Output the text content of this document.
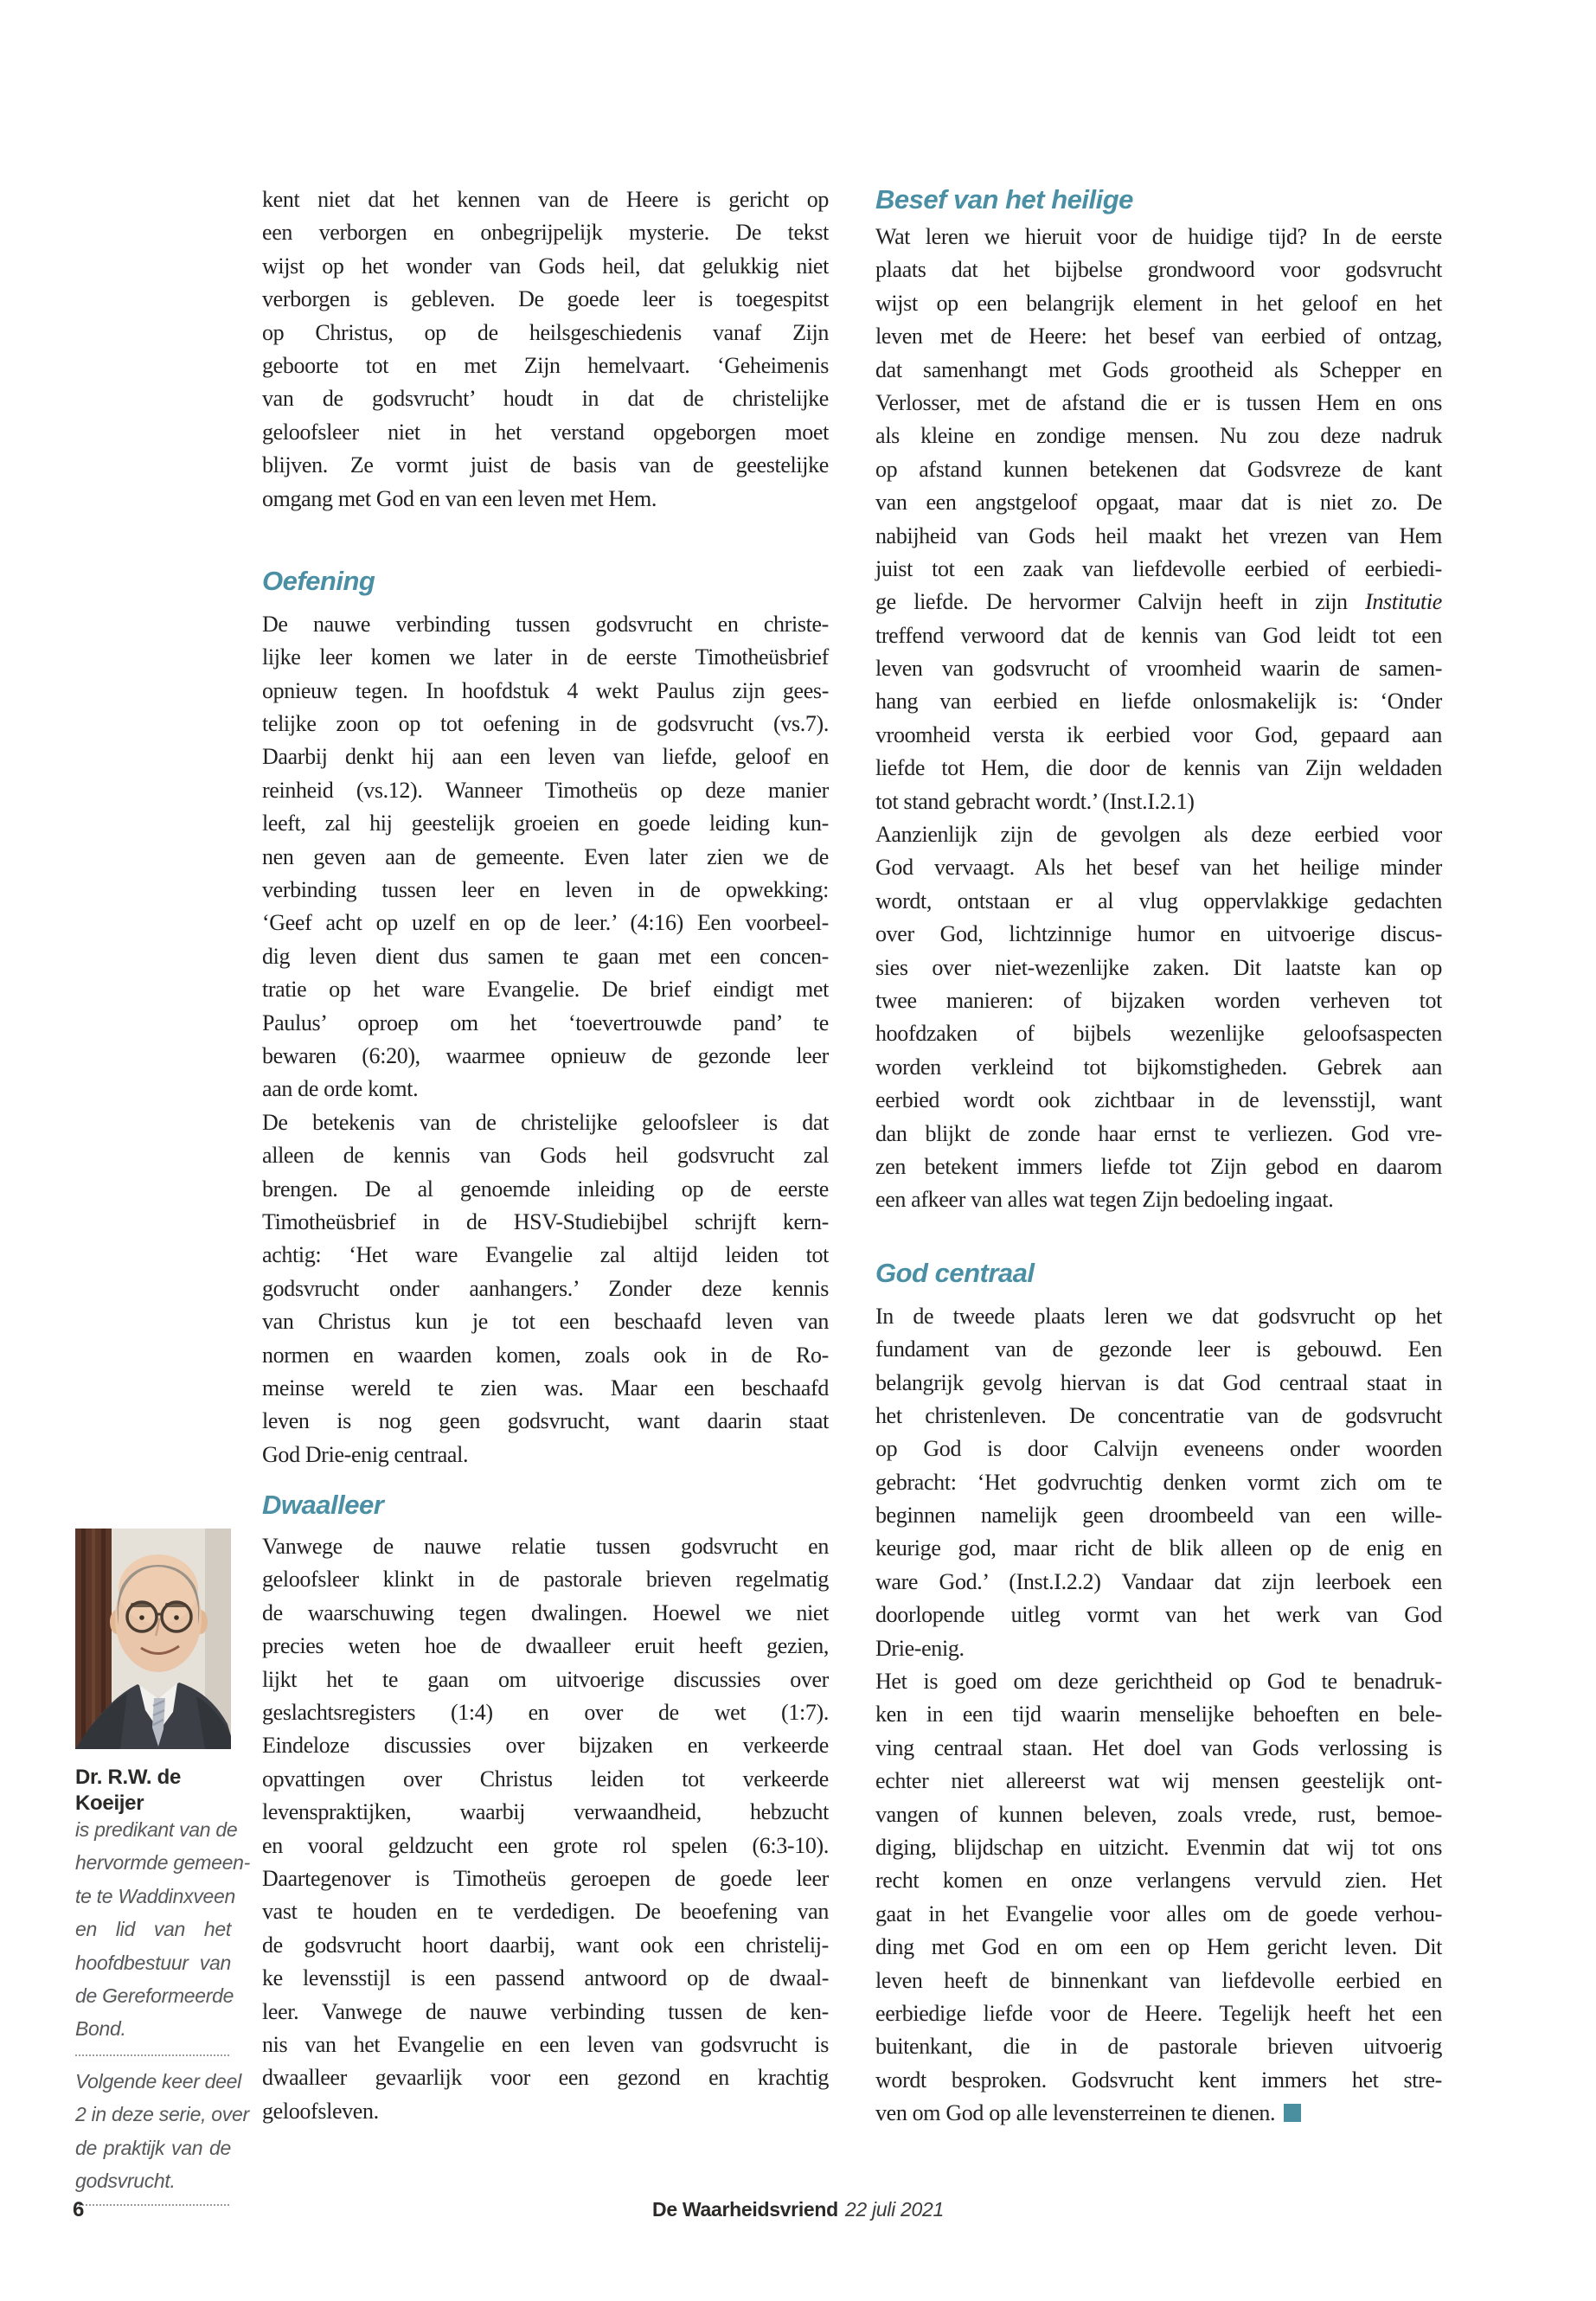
Dr. R.W. de Koeijer
is predikant van de
hervormde gemeen-
te te Waddinxveen
en lid van het
hoofdbestuur van
de Gereformeerde
Bond.
Volgende keer deel
2 in deze serie, over
de praktijk van de
godsvrucht.
kent niet dat het kennen van de Heere is gericht op
een verborgen en onbegrijpelijk mysterie. De tekst
wijst op het wonder van Gods heil, dat gelukkig niet
verborgen is gebleven. De goede leer is toegespitst
op Christus, op de heilsgeschiedenis vanaf Zijn
geboorte tot en met Zijn hemelvaart. ‘Geheimenis
van de godsvrucht’ houdt in dat de christelijke
geloofsleer niet in het verstand opgeborgen moet
blijven. Ze vormt juist de basis van de geestelijke
omgang met God en van een leven met Hem.
Oefening
De nauwe verbinding tussen godsvrucht en christe-
lijke leer komen we later in de eerste Timotheüsbrief
opnieuw tegen. In hoofdstuk 4 wekt Paulus zijn gees-
telijke zoon op tot oefening in de godsvrucht (vs.7).
Daarbij denkt hij aan een leven van liefde, geloof en
reinheid (vs.12). Wanneer Timotheüs op deze manier
leeft, zal hij geestelijk groeien en goede leiding kun-
nen geven aan de gemeente. Even later zien we de
verbinding tussen leer en leven in de opwekking:
‘Geef acht op uzelf en op de leer.’ (4:16) Een voorbeel-
dig leven dient dus samen te gaan met een concen-
tratie op het ware Evangelie. De brief eindigt met
Paulus’ oproep om het ‘toevertrouwde pand’ te
bewaren (6:20), waarmee opnieuw de gezonde leer
aan de orde komt.
De betekenis van de christelijke geloofsleer is dat
alleen de kennis van Gods heil godsvrucht zal
brengen. De al genoemde inleiding op de eerste
Timotheüsbrief in de HSV-Studiebijbel schrijft kern-
achtig: ‘Het ware Evangelie zal altijd leiden tot
godsvrucht onder aanhangers.’ Zonder deze kennis
van Christus kun je tot een beschaafd leven van
normen en waarden komen, zoals ook in de Ro-
meinse wereld te zien was. Maar een beschaafd
leven is nog geen godsvrucht, want daarin staat
God Drie-enig centraal.
Dwaalleer
Vanwege de nauwe relatie tussen godsvrucht en
geloofsleer klinkt in de pastorale brieven regelmatig
de waarschuwing tegen dwalingen. Hoewel we niet
precies weten hoe de dwaalleer eruit heeft gezien,
lijkt het te gaan om uitvoerige discussies over
geslachtsregisters (1:4) en over de wet (1:7).
Eindeloze discussies over bijzaken en verkeerde
opvattingen over Christus leiden tot verkeerde
levenspraktijken, waarbij verwaandheid, hebzucht
en vooral geldzucht een grote rol spelen (6:3-10).
Daartegenover is Timotheüs geroepen de goede leer
vast te houden en te verdedigen. De beoefening van
de godsvrucht hoort daarbij, want ook een christelij-
ke levensstijl is een passend antwoord op de dwaal-
leer. Vanwege de nauwe verbinding tussen de ken-
nis van het Evangelie en een leven van godsvrucht is
dwaalleer gevaarlijk voor een gezond en krachtig
geloofsleven.
Besef van het heilige
Wat leren we hieruit voor de huidige tijd? In de eerste
plaats dat het bijbelse grondwoord voor godsvrucht
wijst op een belangrijk element in het geloof en het
leven met de Heere: het besef van eerbied of ontzag,
dat samenhangt met Gods grootheid als Schepper en
Verlosser, met de afstand die er is tussen Hem en ons
als kleine en zondige mensen. Nu zou deze nadruk
op afstand kunnen betekenen dat Godsvreze de kant
van een angstgeloof opgaat, maar dat is niet zo. De
nabijheid van Gods heil maakt het vrezen van Hem
juist tot een zaak van liefdevolle eerbied of eerbiedi-
ge liefde. De hervormer Calvijn heeft in zijn Institutie
treffend verwoord dat de kennis van God leidt tot een
leven van godsvrucht of vroomheid waarin de samen-
hang van eerbied en liefde onlosmakelijk is: ‘Onder
vroomheid versta ik eerbied voor God, gepaard aan
liefde tot Hem, die door de kennis van Zijn weldaden
tot stand gebracht wordt.’ (Inst.I.2.1)
Aanzienlijk zijn de gevolgen als deze eerbied voor
God vervaagt. Als het besef van het heilige minder
wordt, ontstaan er al vlug oppervlakkige gedachten
over God, lichtzinnige humor en uitvoerige discus-
sies over niet-wezenlijke zaken. Dit laatste kan op
twee manieren: of bijzaken worden verheven tot
hoofdzaken of bijbels wezenlijke geloofsaspecten
worden verkleind tot bijkomstigheden. Gebrek aan
eerbied wordt ook zichtbaar in de levensstijl, want
dan blijkt de zonde haar ernst te verliezen. God vre-
zen betekent immers liefde tot Zijn gebod en daarom
een afkeer van alles wat tegen Zijn bedoeling ingaat.
God centraal
In de tweede plaats leren we dat godsvrucht op het
fundament van de gezonde leer is gebouwd. Een
belangrijk gevolg hiervan is dat God centraal staat in
het christenleven. De concentratie van de godsvrucht
op God is door Calvijn eveneens onder woorden
gebracht: ‘Het godvruchtig denken vormt zich om te
beginnen namelijk geen droombeeld van een wille-
keurige god, maar richt de blik alleen op de enig en
ware God.’ (Inst.I.2.2) Vandaar dat zijn leerboek een
doorlopende uitleg vormt van het werk van God
Drie-enig.
Het is goed om deze gerichtheid op God te benadruk-
ken in een tijd waarin menselijke behoeften en bele-
ving centraal staan. Het doel van Gods verlossing is
echter niet allereerst wat wij mensen geestelijk ont-
vangen of kunnen beleven, zoals vrede, rust, bemoe-
diging, blijdschap en uitzicht. Evenmin dat wij tot ons
recht komen en onze verlangens vervuld zien. Het
gaat in het Evangelie voor alles om de goede verhou-
ding met God en om een op Hem gericht leven. Dit
leven heeft de binnenkant van liefdevolle eerbied en
eerbiedige liefde voor de Heere. Tegelijk heeft het een
buitenkant, die in de pastorale brieven uitvoerig
wordt besproken. Godsvrucht kent immers het stre-
ven om God op alle levensterreinen te dienen.
6	De Waarheidsvriend 22 juli 2021
